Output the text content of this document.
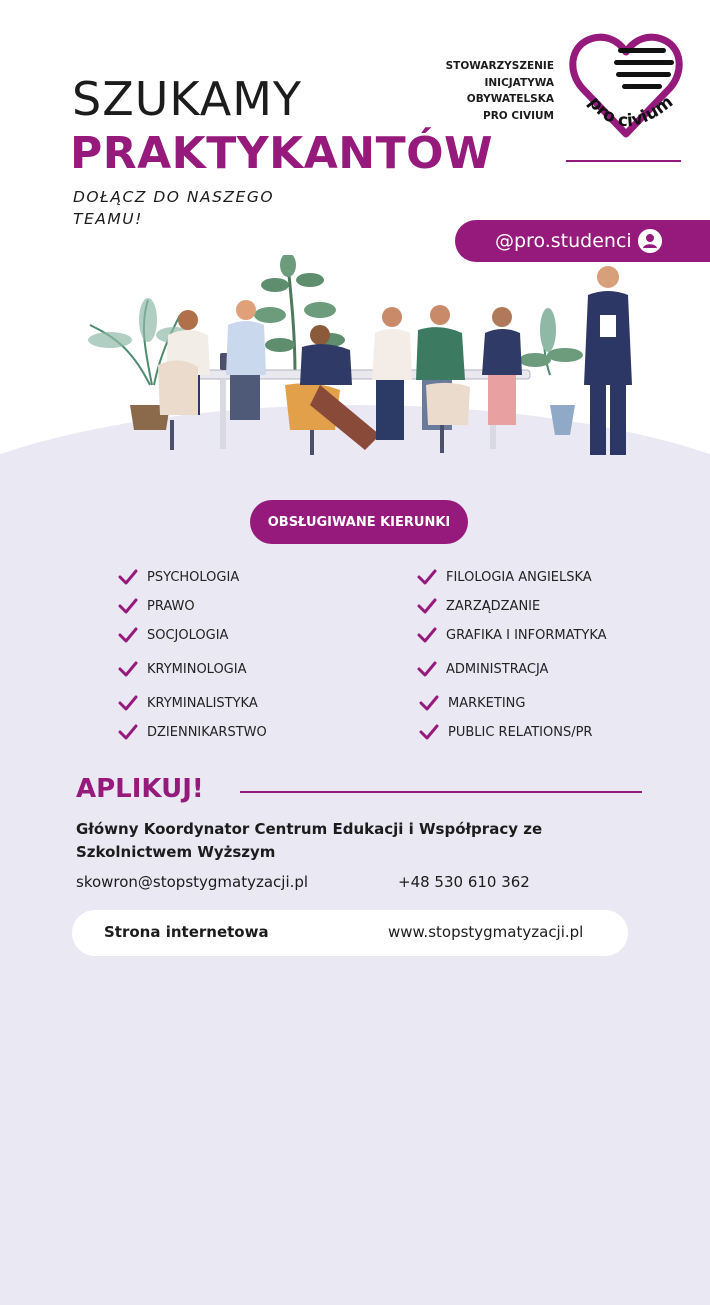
SZUKAMY
PRAKTYKANTÓW
DOŁĄCZ DO NASZEGO TEAMU!
STOWARZYSZENIE
INICJATYWA
OBYWATELSKA
PRO CIVIUM
pro civium
@pro.studenci
OBSŁUGIWANE KIERUNKI
PSYCHOLOGIA
PRAWO
SOCJOLOGIA
KRYMINOLOGIA
KRYMINALISTYKA
DZIENNIKARSTWO
FILOLOGIA ANGIELSKA
ZARZĄDZANIE
GRAFIKA I INFORMATYKA
ADMINISTRACJA
MARKETING
PUBLIC RELATIONS/PR
APLIKUJ!
Główny Koordynator Centrum Edukacji i Współpracy ze Szkolnictwem Wyższym
skowron@stopstygmatyzacji.pl	+48 530 610 362
Strona internetowa	www.stopstygmatyzacji.pl
